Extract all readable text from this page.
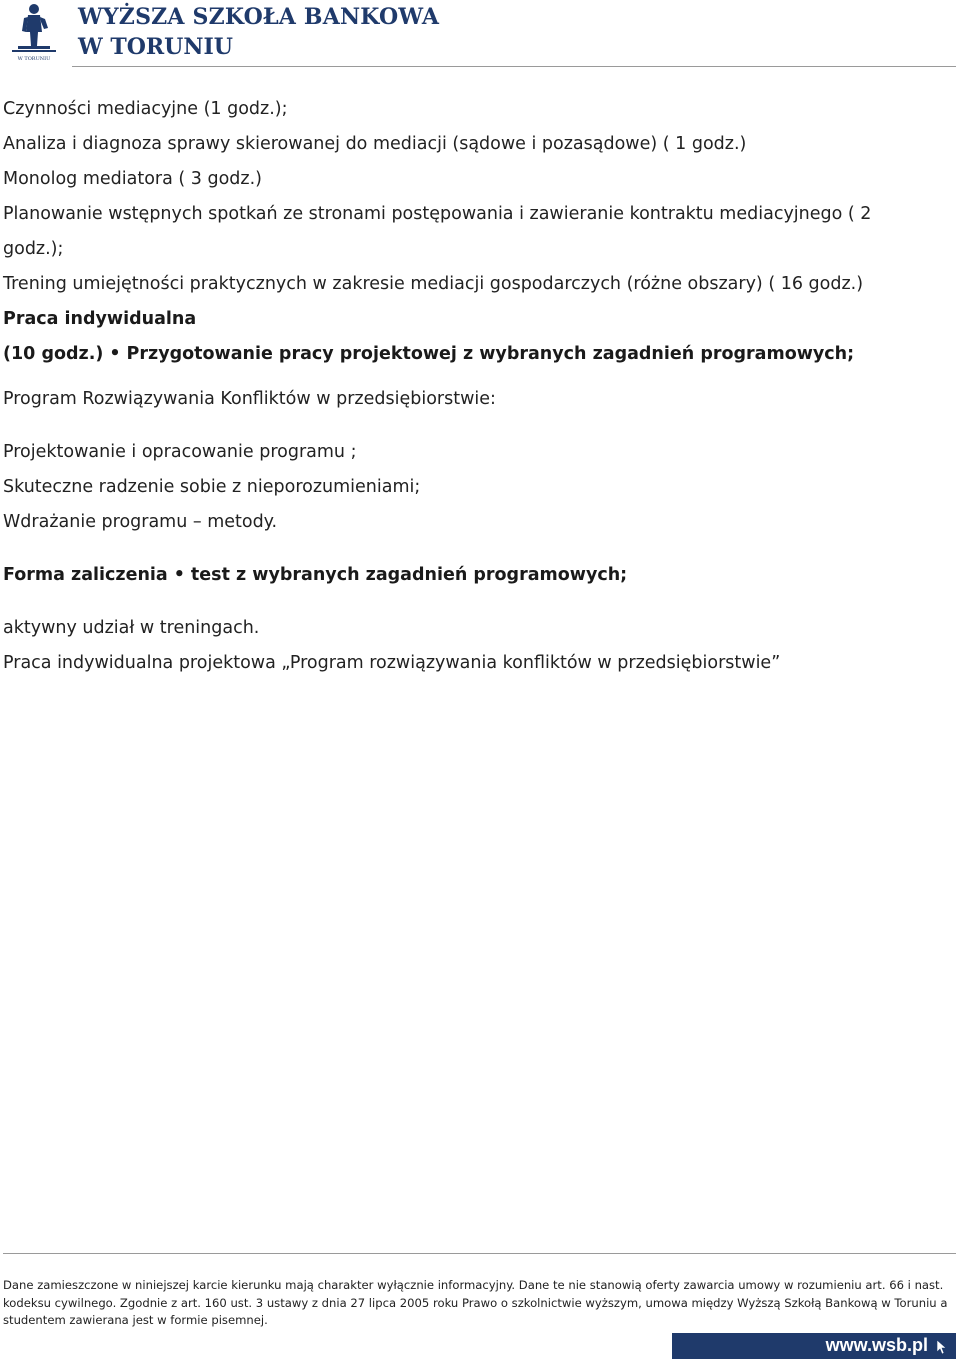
W TORUNIU
WYŻSZA SZKOŁA BANKOWA
W TORUNIU

Czynności mediacyjne (1 godz.);

Analiza i diagnoza sprawy skierowanej do mediacji (sądowe i pozasądowe) ( 1 godz.)

Monolog mediatora ( 3 godz.)

Planowanie wstępnych spotkań ze stronami postępowania i zawieranie kontraktu mediacyjnego ( 2

godz.);

Trening umiejętności praktycznych w zakresie mediacji gospodarczych (różne obszary) ( 16 godz.)

Praca indywidualna

(10 godz.) • Przygotowanie pracy projektowej z wybranych zagadnień programowych;

Program Rozwiązywania Konfliktów w przedsiębiorstwie:

Projektowanie i opracowanie programu ;

Skuteczne radzenie sobie z nieporozumieniami;

Wdrażanie programu – metody.

Forma zaliczenia • test z wybranych zagadnień programowych;

aktywny udział w treningach.

Praca indywidualna projektowa „Program rozwiązywania konfliktów w przedsiębiorstwie”

Dane zamieszczone w niniejszej karcie kierunku mają charakter wyłącznie informacyjny. Dane te nie stanowią oferty zawarcia umowy w rozumieniu art. 66 i nast.

kodeksu cywilnego. Zgodnie z art. 160 ust. 3 ustawy z dnia 27 lipca 2005 roku Prawo o szkolnictwie wyższym, umowa między Wyższą Szkołą Bankową w Toruniu a

studentem zawierana jest w formie pisemnej.

www.wsb.pl
